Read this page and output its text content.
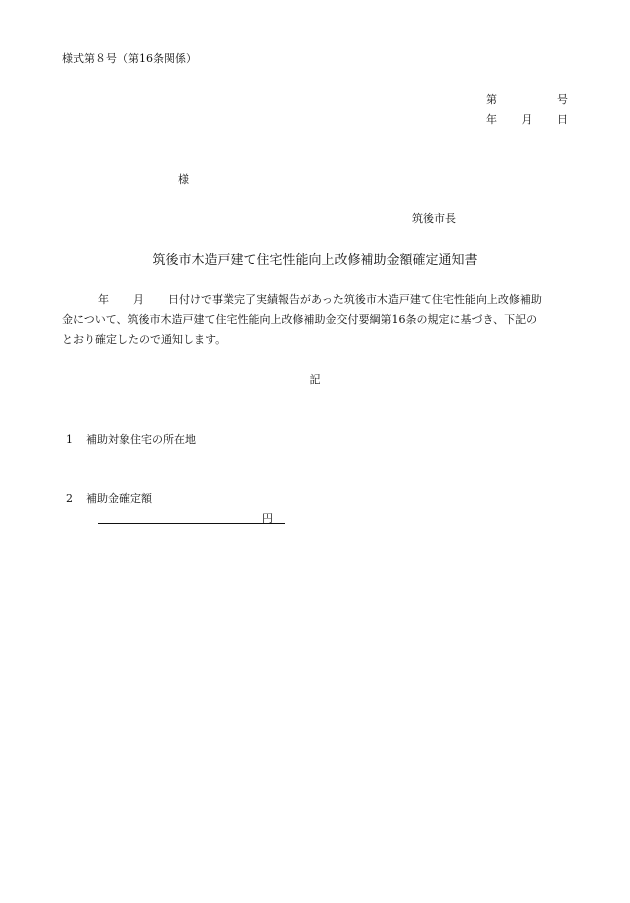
様式第８号（第16条関係）
第	号
年 月 日
様
筑後市長
筑後市木造戸建て住宅性能向上改修補助金額確定通知書
年 月 日付けで事業完了実績報告があった筑後市木造戸建て住宅性能向上改修補助
金について、筑後市木造戸建て住宅性能向上改修補助金交付要綱第16条の規定に基づき、下記の
とおり確定したので通知します。
記
1 補助対象住宅の所在地
2 補助金確定額
円
